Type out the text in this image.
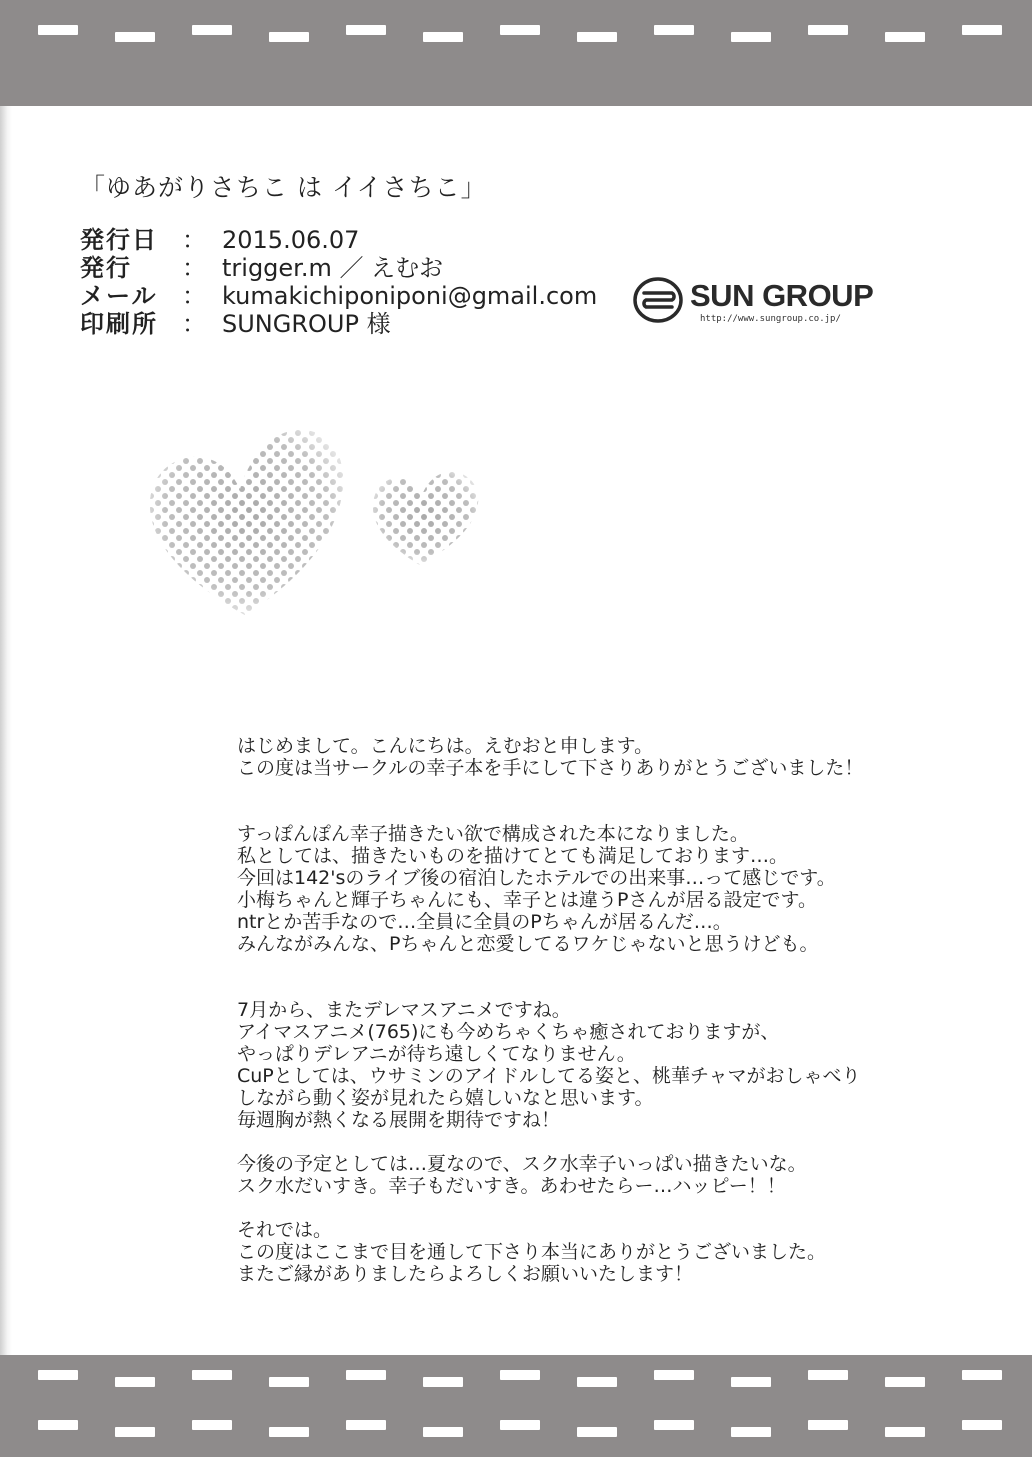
「ゆあがりさちこ は イイさちこ」
発行日 ： 2015.06.07
発行 ： trigger.m ／ えむお
メール ： kumakichiponiponi@gmail.com
印刷所 ： SUNGROUP 様
SUN GROUP
http://www.sungroup.co.jp/
はじめまして。こんにちは。えむおと申します。
この度は当サークルの幸子本を手にして下さりありがとうございました！
すっぽんぽん幸子描きたい欲で構成された本になりました。
私としては、描きたいものを描けてとても満足しております…。
今回は142'sのライブ後の宿泊したホテルでの出来事…って感じです。
小梅ちゃんと輝子ちゃんにも、幸子とは違うPさんが居る設定です。
ntrとか苦手なので…全員に全員のPちゃんが居るんだ…。
みんながみんな、Pちゃんと恋愛してるワケじゃないと思うけども。
7月から、またデレマスアニメですね。
アイマスアニメ(765)にも今めちゃくちゃ癒されておりますが、
やっぱりデレアニが待ち遠しくてなりません。
CuPとしては、ウサミンのアイドルしてる姿と、桃華チャマがおしゃべり
しながら動く姿が見れたら嬉しいなと思います。
毎週胸が熱くなる展開を期待ですね！
今後の予定としては…夏なので、スク水幸子いっぱい描きたいな。
スク水だいすき。幸子もだいすき。あわせたらー…ハッピー！！
それでは。
この度はここまで目を通して下さり本当にありがとうございました。
またご縁がありましたらよろしくお願いいたします！
